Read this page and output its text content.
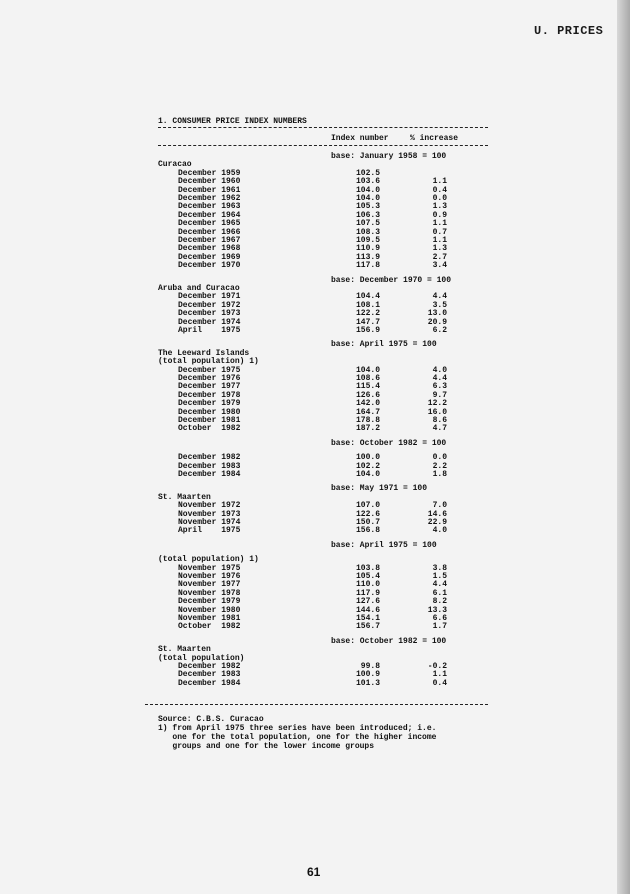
U. PRICES
1. CONSUMER PRICE INDEX NUMBERS
Index number	% increase
base: January 1958 = 100
Curacao
December 1959	102.5
December 1960	103.6	1.1
December 1961	104.0	0.4
December 1962	104.0	0.0
December 1963	105.3	1.3
December 1964	106.3	0.9
December 1965	107.5	1.1
December 1966	108.3	0.7
December 1967	109.5	1.1
December 1968	110.9	1.3
December 1969	113.9	2.7
December 1970	117.8	3.4
base: December 1970 = 100
Aruba and Curacao
December 1971	104.4	4.4
December 1972	108.1	3.5
December 1973	122.2	13.0
December 1974	147.7	20.9
April    1975	156.9	6.2
base: April 1975 = 100
The Leeward Islands
(total population) 1)
December 1975	104.0	4.0
December 1976	108.6	4.4
December 1977	115.4	6.3
December 1978	126.6	9.7
December 1979	142.0	12.2
December 1980	164.7	16.0
December 1981	178.8	8.6
October  1982	187.2	4.7
base: October 1982 = 100
December 1982	100.0	0.0
December 1983	102.2	2.2
December 1984	104.0	1.8
base: May 1971 = 100
St. Maarten
November 1972	107.0	7.0
November 1973	122.6	14.6
November 1974	150.7	22.9
April    1975	156.8	4.0
base: April 1975 = 100
(total population) 1)
November 1975	103.8	3.8
November 1976	105.4	1.5
November 1977	110.0	4.4
November 1978	117.9	6.1
December 1979	127.6	8.2
November 1980	144.6	13.3
November 1981	154.1	6.6
October  1982	156.7	1.7
base: October 1982 = 100
St. Maarten
(total population)
December 1982	99.8	-0.2
December 1983	100.9	1.1
December 1984	101.3	0.4
Source: C.B.S. Curacao
1) from April 1975 three series have been introduced; i.e.
one for the total population, one for the higher income
groups and one for the lower income groups
61
